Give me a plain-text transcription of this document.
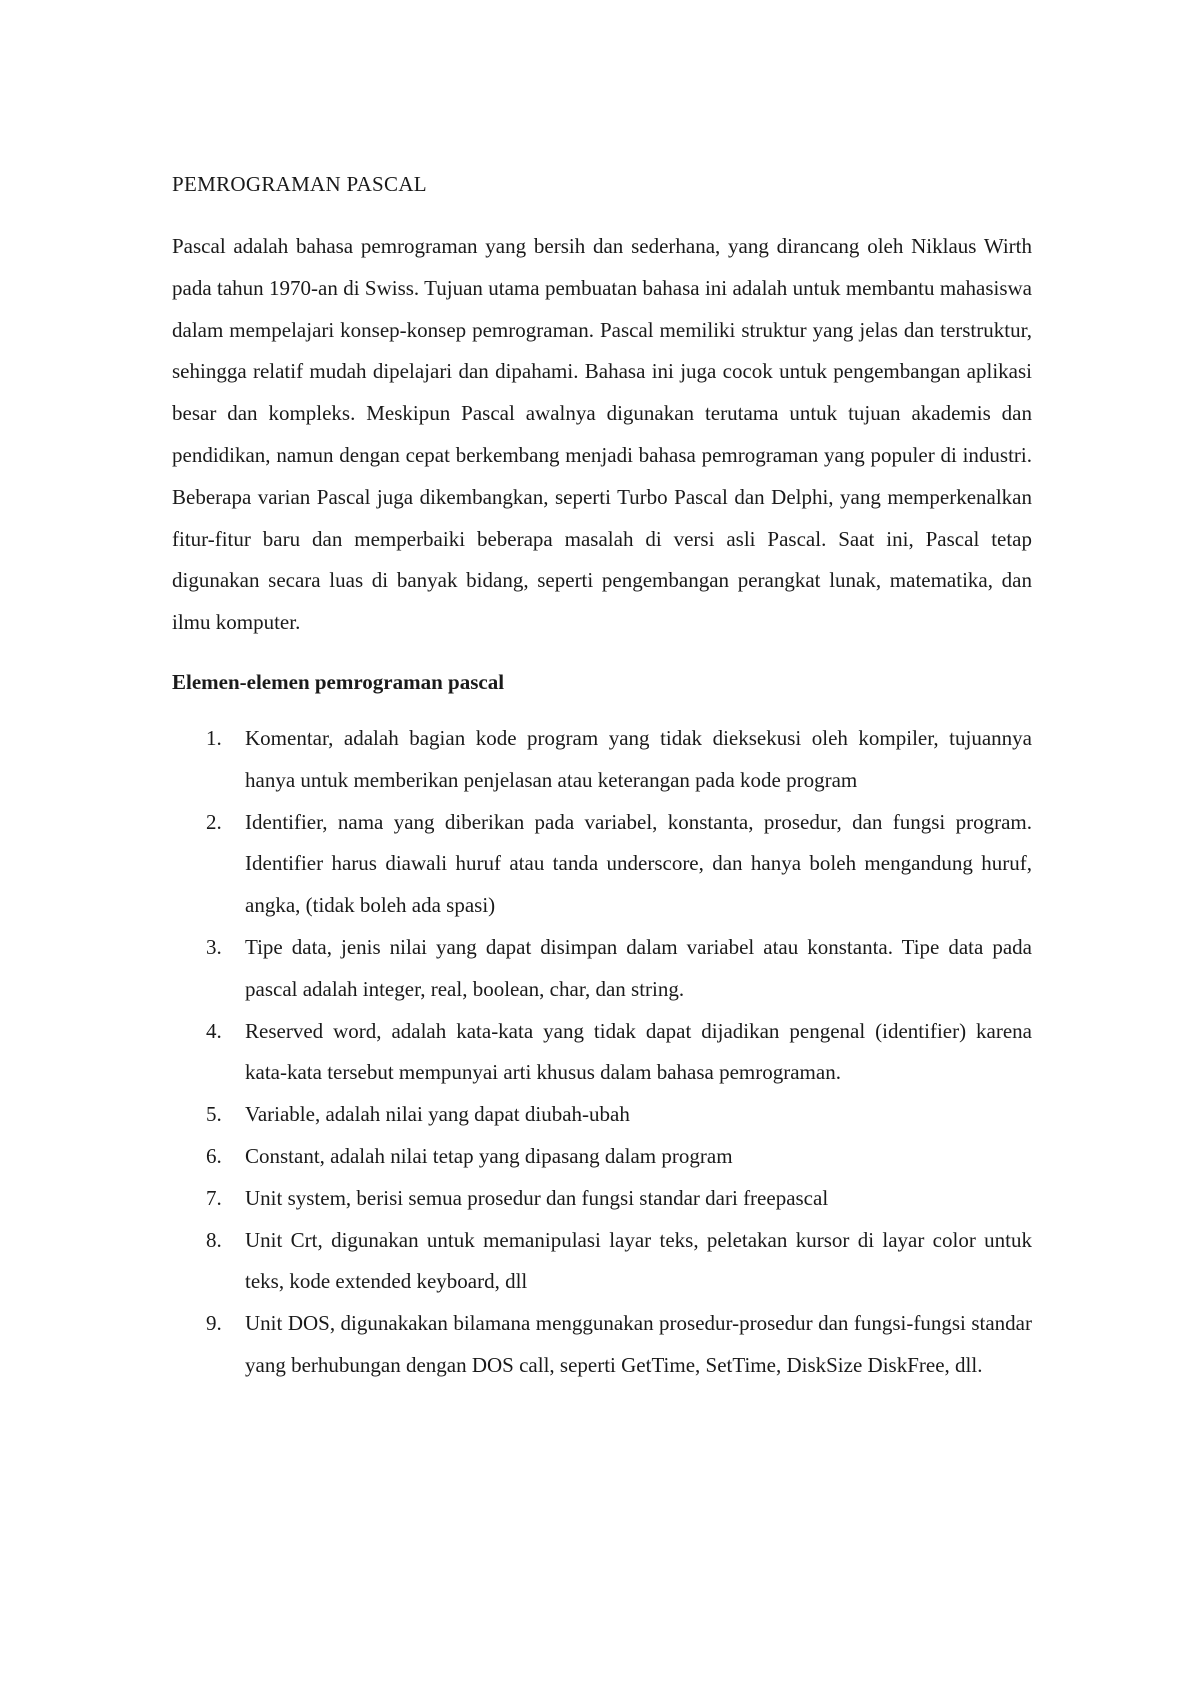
PEMROGRAMAN PASCAL

Pascal adalah bahasa pemrograman yang bersih dan sederhana, yang dirancang oleh Niklaus Wirth pada tahun 1970-an di Swiss. Tujuan utama pembuatan bahasa ini adalah untuk membantu mahasiswa dalam mempelajari konsep-konsep pemrograman. Pascal memiliki struktur yang jelas dan terstruktur, sehingga relatif mudah dipelajari dan dipahami. Bahasa ini juga cocok untuk pengembangan aplikasi besar dan kompleks. Meskipun Pascal awalnya digunakan terutama untuk tujuan akademis dan pendidikan, namun dengan cepat berkembang menjadi bahasa pemrograman yang populer di industri. Beberapa varian Pascal juga dikembangkan, seperti Turbo Pascal dan Delphi, yang memperkenalkan fitur-fitur baru dan memperbaiki beberapa masalah di versi asli Pascal. Saat ini, Pascal tetap digunakan secara luas di banyak bidang, seperti pengembangan perangkat lunak, matematika, dan ilmu komputer.

Elemen-elemen pemrograman pascal
1. Komentar, adalah bagian kode program yang tidak dieksekusi oleh kompiler, tujuannya hanya untuk memberikan penjelasan atau keterangan pada kode program
2. Identifier, nama yang diberikan pada variabel, konstanta, prosedur, dan fungsi program. Identifier harus diawali huruf atau tanda underscore, dan hanya boleh mengandung huruf, angka, (tidak boleh ada spasi)
3. Tipe data, jenis nilai yang dapat disimpan dalam variabel atau konstanta. Tipe data pada pascal adalah integer, real, boolean, char, dan string.
4. Reserved word, adalah kata-kata yang tidak dapat dijadikan pengenal (identifier) karena kata-kata tersebut mempunyai arti khusus dalam bahasa pemrograman.
5. Variable, adalah nilai yang dapat diubah-ubah
6. Constant, adalah nilai tetap yang dipasang dalam program
7. Unit system, berisi semua prosedur dan fungsi standar dari freepascal
8. Unit Crt, digunakan untuk memanipulasi layar teks, peletakan kursor di layar color untuk teks, kode extended keyboard, dll
9. Unit DOS, digunakakan bilamana menggunakan prosedur-prosedur dan fungsi-fungsi standar yang berhubungan dengan DOS call, seperti GetTime, SetTime, DiskSize DiskFree, dll.
